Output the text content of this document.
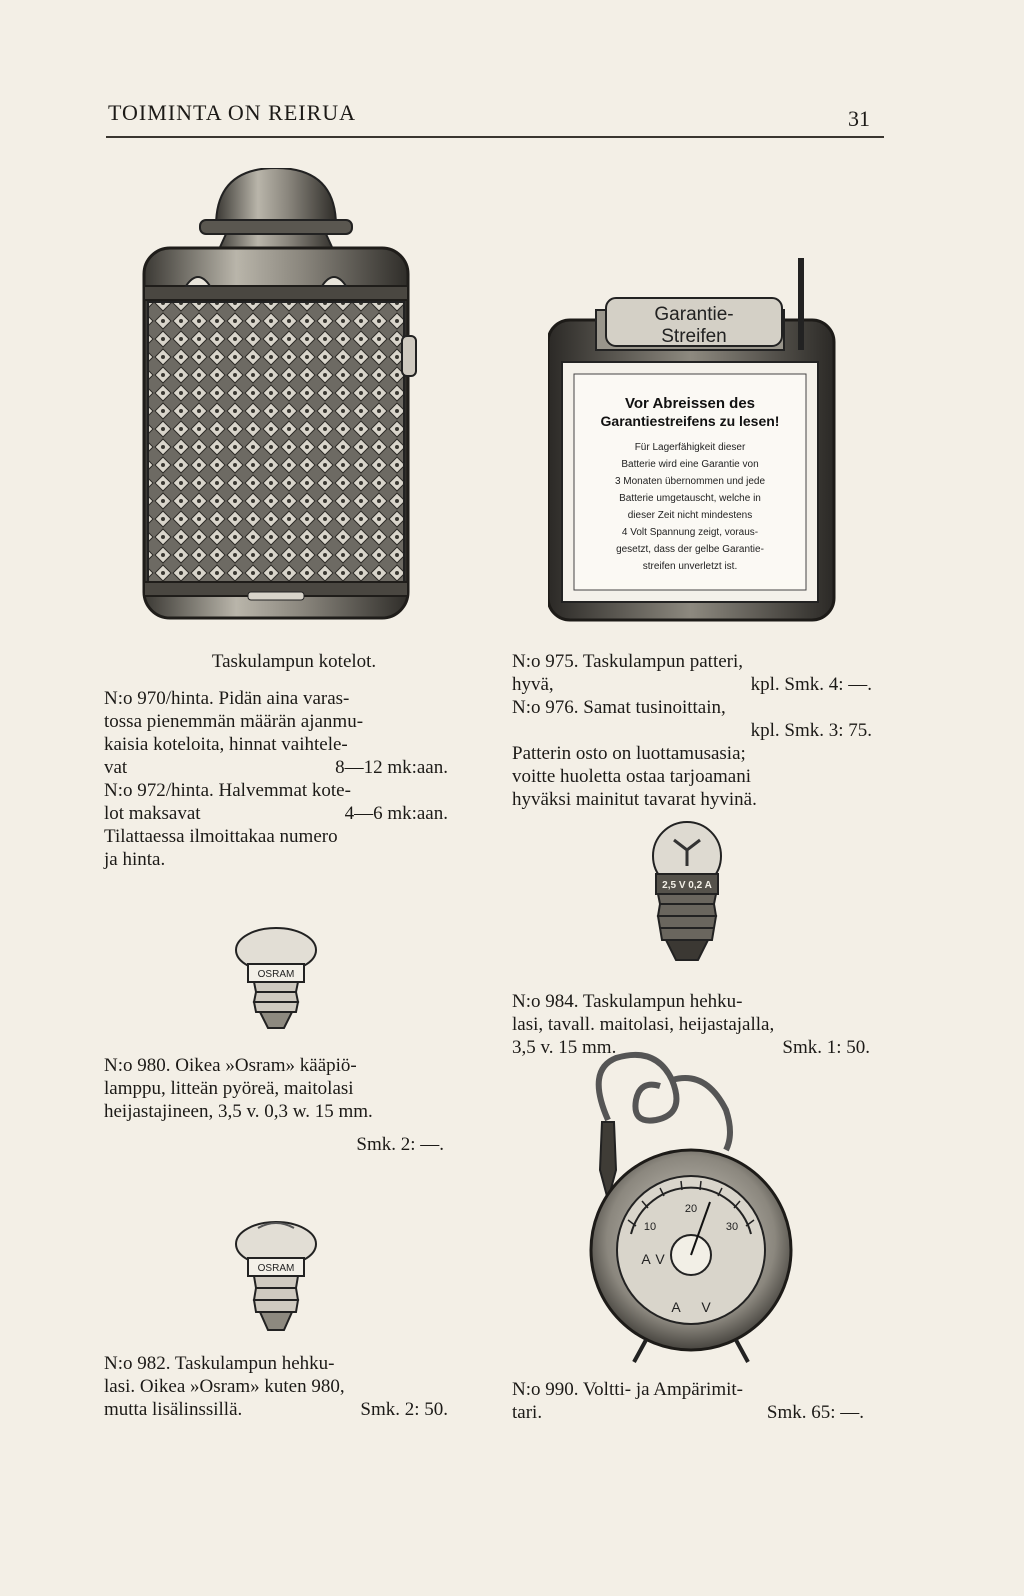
TOIMINTA ON REIRUA	31
Garantie-
Streifen
Vor Abreissen des
Garantiestreifens zu lesen!
Für Lagerfähigkeit dieser
Batterie wird eine Garantie von
3 Monaten übernommen und jede
Batterie umgetauscht, welche in
dieser Zeit nicht mindestens
4 Volt Spannung zeigt, voraus-
gesetzt, dass der gelbe Garantie-
streifen unverletzt ist.
Taskulampun kotelot.
N:o 970/hinta. Pidän aina varas-
tossa pienemmän määrän ajanmu-
kaisia koteloita, hinnat vaihtele-
vat	8—12 mk:aan.
N:o 972/hinta. Halvemmat kote-
lot maksavat	4—6 mk:aan.
Tilattaessa ilmoittakaa numero
ja hinta.
N:o 975. Taskulampun patteri,
hyvä,	kpl. Smk. 4: —.
N:o 976. Samat tusinoittain,
kpl. Smk. 3: 75.
Patterin osto on luottamusasia;
voitte huoletta ostaa tarjoamani
hyväksi mainitut tavarat hyvinä.
2,5 V 0,2 A
N:o 984. Taskulampun hehku-
lasi, tavall. maitolasi, heijastajalla,
3,5 v. 15 mm.	Smk. 1: 50.
OSRAM
N:o 980. Oikea »Osram» kääpiö-
lamppu, litteän pyöreä, maitolasi
heijastajineen, 3,5 v. 0,3 w. 15 mm.
Smk. 2: —.
OSRAM
N:o 982. Taskulampun hehku-
lasi. Oikea »Osram» kuten 980,
mutta lisälinssillä.	Smk. 2: 50.
10
20
30
A V
A V
N:o 990. Voltti- ja Ampärimit-
tari.	Smk. 65: —.
